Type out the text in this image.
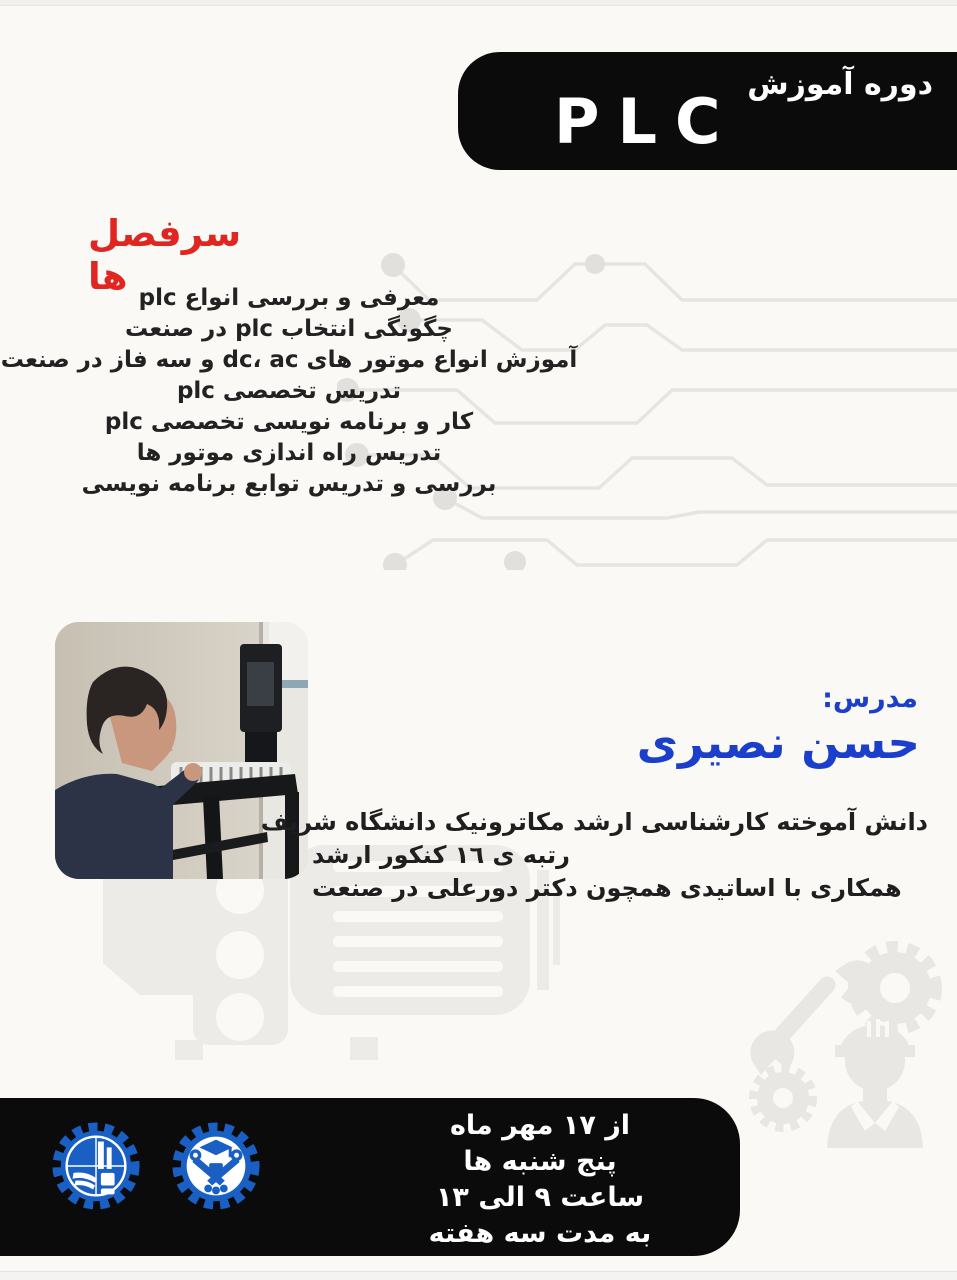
دوره آموزش
PLC
سرفصل ها معرفی و بررسی انواع plc
چگونگی انتخاب plc در صنعت
آموزش انواع موتور های dc، ac و سه فاز در صنعت
تدریس تخصصی plc
کار و برنامه نویسی تخصصی plc
تدریس راه اندازی موتور ها
بررسی و تدریس توابع برنامه نویسی
مدرس:
حسن نصیری
دانش آموخته کارشناسی ارشد مکاترونیک دانشگاه شریف
رتبه ی ١٦ کنکور ارشد
همکاری با اساتیدی همچون دکتر دورعلی در صنعت
از ١٧ مهر ماه
پنج شنبه ها
ساعت ٩ الی ١٣
به مدت سه هفته
